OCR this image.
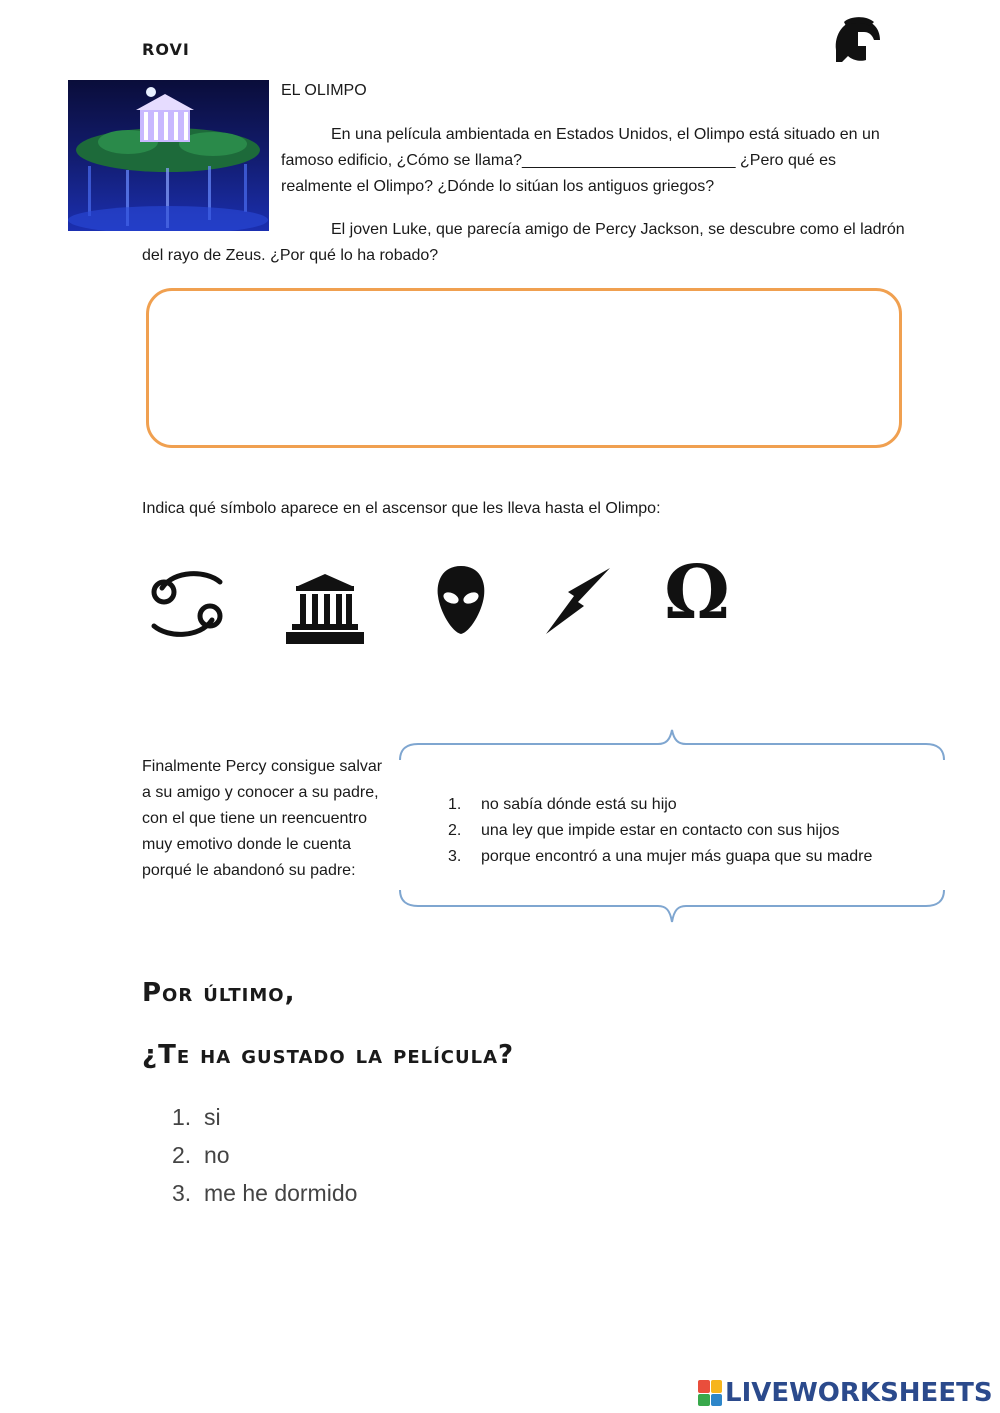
ROVI
EL OLIMPO
En una película ambientada en Estados Unidos, el Olimpo está situado en un famoso edificio, ¿Cómo se llama?________________________ ¿Pero qué es realmente el Olimpo? ¿Dónde lo sitúan los antiguos griegos?
El joven Luke, que parecía amigo de Percy Jackson, se descubre como el ladrón del rayo de Zeus. ¿Por qué lo ha robado?
Indica qué símbolo aparece en el ascensor que les lleva hasta el Olimpo:
Ω
Finalmente Percy consigue salvar a su amigo y conocer a su padre, con el que tiene un reencuentro muy emotivo donde le cuenta porqué le abandonó su padre:
1. no sabía dónde está su hijo
2. una ley que impide estar en contacto con sus hijos
3. porque encontró a una mujer más guapa que su madre
Por último,
¿Te ha gustado la película?
1. si
2. no
3. me he dormido
LIVEWORKSHEETS
